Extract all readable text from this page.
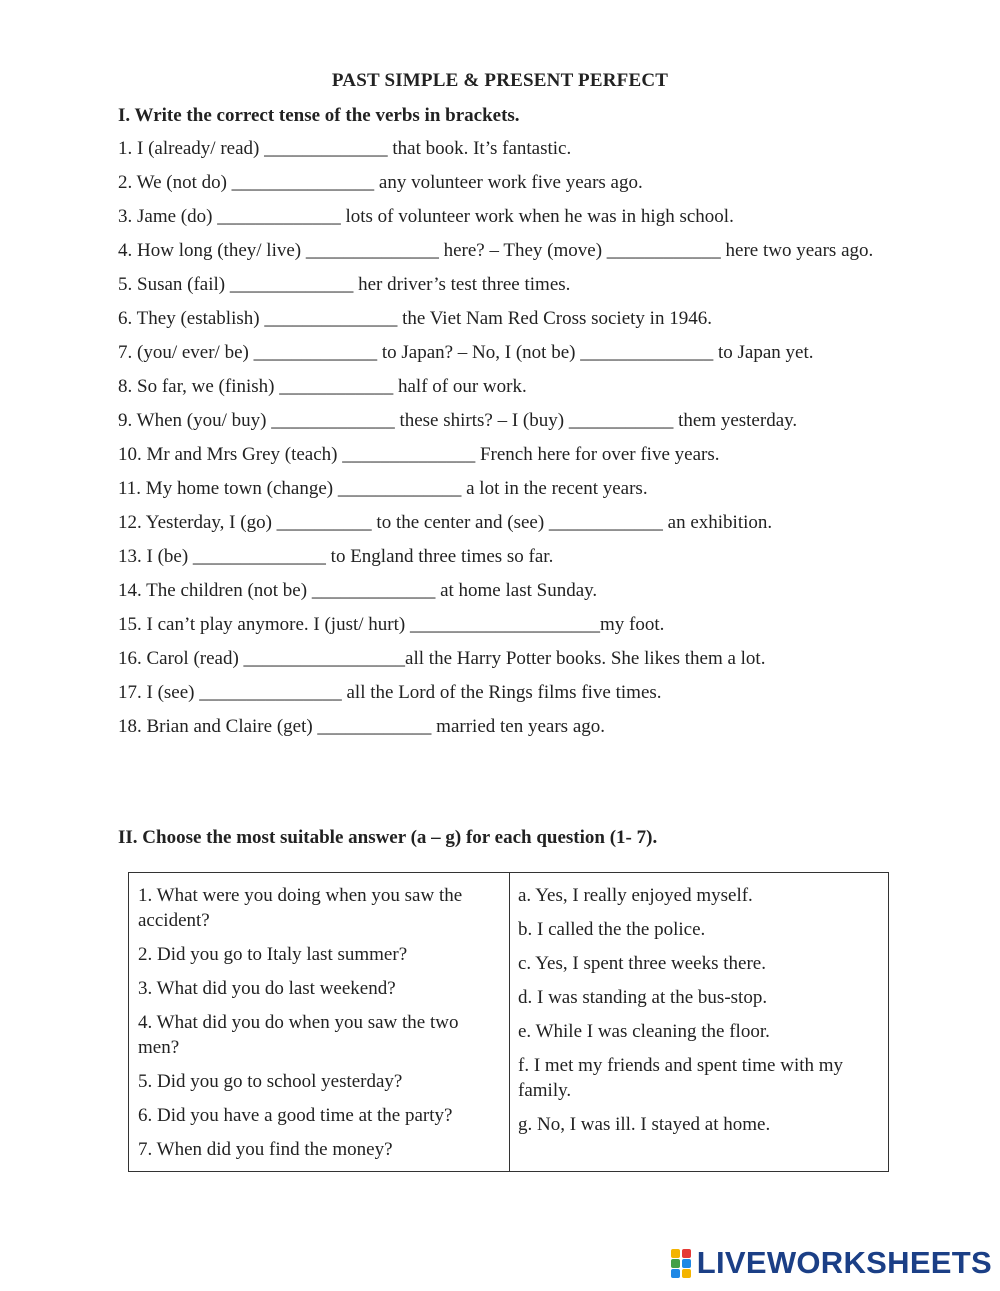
PAST SIMPLE & PRESENT PERFECT
I. Write the correct tense of the verbs in brackets.
1. I (already/ read) _____________ that book. It’s fantastic.
2. We (not do) _______________ any volunteer work five years ago.
3. Jame (do) _____________ lots of volunteer work when he was in high school.
4. How long (they/ live) ______________ here? – They (move) ____________ here two years ago.
5. Susan (fail) _____________ her driver’s test three times.
6. They (establish) ______________ the Viet Nam Red Cross society in 1946.
7. (you/ ever/ be) _____________ to Japan? – No, I (not be) ______________ to Japan yet.
8. So far, we (finish) ____________ half of our work.
9. When (you/ buy) _____________ these shirts? – I (buy) ___________ them yesterday.
10. Mr and Mrs Grey (teach) ______________ French here for over five years.
11. My home town (change) _____________ a lot in the recent years.
12. Yesterday, I (go) __________ to the center and (see) ____________ an exhibition.
13. I (be) ______________ to England three times so far.
14. The children (not be) _____________ at home last Sunday.
15. I can’t play anymore. I (just/ hurt) ____________________my foot.
16. Carol (read) _________________all the Harry Potter books. She likes them a lot.
17. I (see) _______________ all the Lord of the Rings films five times.
18. Brian and Claire (get) ____________ married ten years ago.
II. Choose the most suitable answer (a – g) for each question (1- 7).
1. What were you doing when you saw the accident?
2. Did you go to Italy last summer?
3. What did you do last weekend?
4. What did you do when you saw the two men?
5. Did you go to school yesterday?
6. Did you have a good time at the party?
7. When did you find the money?
a. Yes, I really enjoyed myself.
b. I called the the police.
c. Yes, I spent three weeks there.
d. I was standing at the bus-stop.
e. While I was cleaning the floor.
f. I met my friends and spent time with my family.
g. No, I was ill. I stayed at home.
LIVEWORKSHEETS
